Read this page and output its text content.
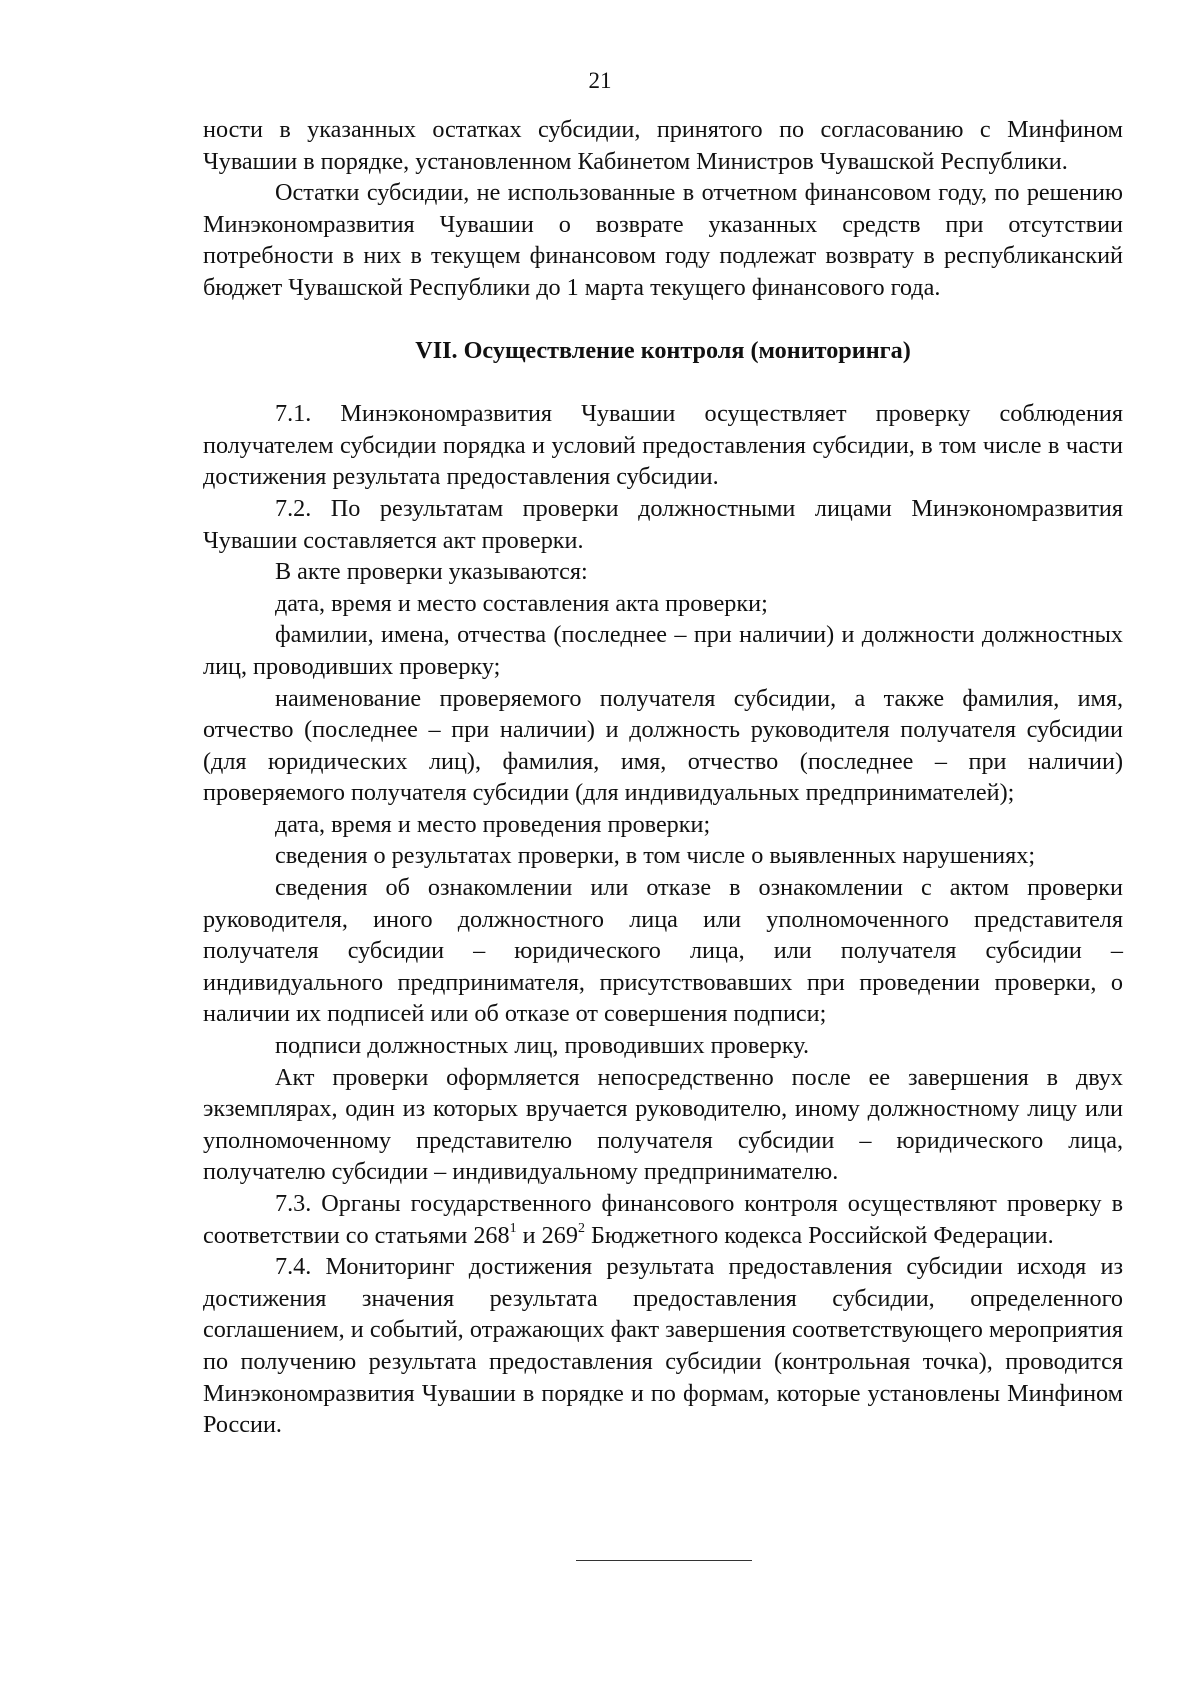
21

ности в указанных остатках субсидии, принятого по согласованию с Минфином Чувашии в порядке, установленном Кабинетом Министров Чувашской Республики.

Остатки субсидии, не использованные в отчетном финансовом году, по решению Минэкономразвития Чувашии о возврате указанных средств при отсутствии потребности в них в текущем финансовом году подлежат возврату в республиканский бюджет Чувашской Республики до 1 марта текущего финансового года.

VII. Осуществление контроля (мониторинга)

7.1. Минэкономразвития Чувашии осуществляет проверку соблюдения получателем субсидии порядка и условий предоставления субсидии, в том числе в части достижения результата предоставления субсидии.

7.2. По результатам проверки должностными лицами Минэкономразвития Чувашии составляется акт проверки.

В акте проверки указываются:

дата, время и место составления акта проверки;

фамилии, имена, отчества (последнее – при наличии) и должности должностных лиц, проводивших проверку;

наименование проверяемого получателя субсидии, а также фамилия, имя, отчество (последнее – при наличии) и должность руководителя получателя субсидии (для юридических лиц), фамилия, имя, отчество (последнее – при наличии) проверяемого получателя субсидии (для индивидуальных предпринимателей);

дата, время и место проведения проверки;

сведения о результатах проверки, в том числе о выявленных нарушениях;

сведения об ознакомлении или отказе в ознакомлении с актом проверки руководителя, иного должностного лица или уполномоченного представителя получателя субсидии – юридического лица, или получателя субсидии – индивидуального предпринимателя, присутствовавших при проведении проверки, о наличии их подписей или об отказе от совершения подписи;

подписи должностных лиц, проводивших проверку.

Акт проверки оформляется непосредственно после ее завершения в двух экземплярах, один из которых вручается руководителю, иному должностному лицу или уполномоченному представителю получателя субсидии – юридического лица, получателю субсидии – индивидуальному предпринимателю.

7.3. Органы государственного финансового контроля осуществляют проверку в соответствии со статьями $268^1$ и $269^2$ Бюджетного кодекса Российской Федерации.

7.4. Мониторинг достижения результата предоставления субсидии исходя из достижения значения результата предоставления субсидии, определенного соглашением, и событий, отражающих факт завершения соответствующего мероприятия по получению результата предоставления субсидии (контрольная точка), проводится Минэкономразвития Чувашии в порядке и по формам, которые установлены Минфином России.
